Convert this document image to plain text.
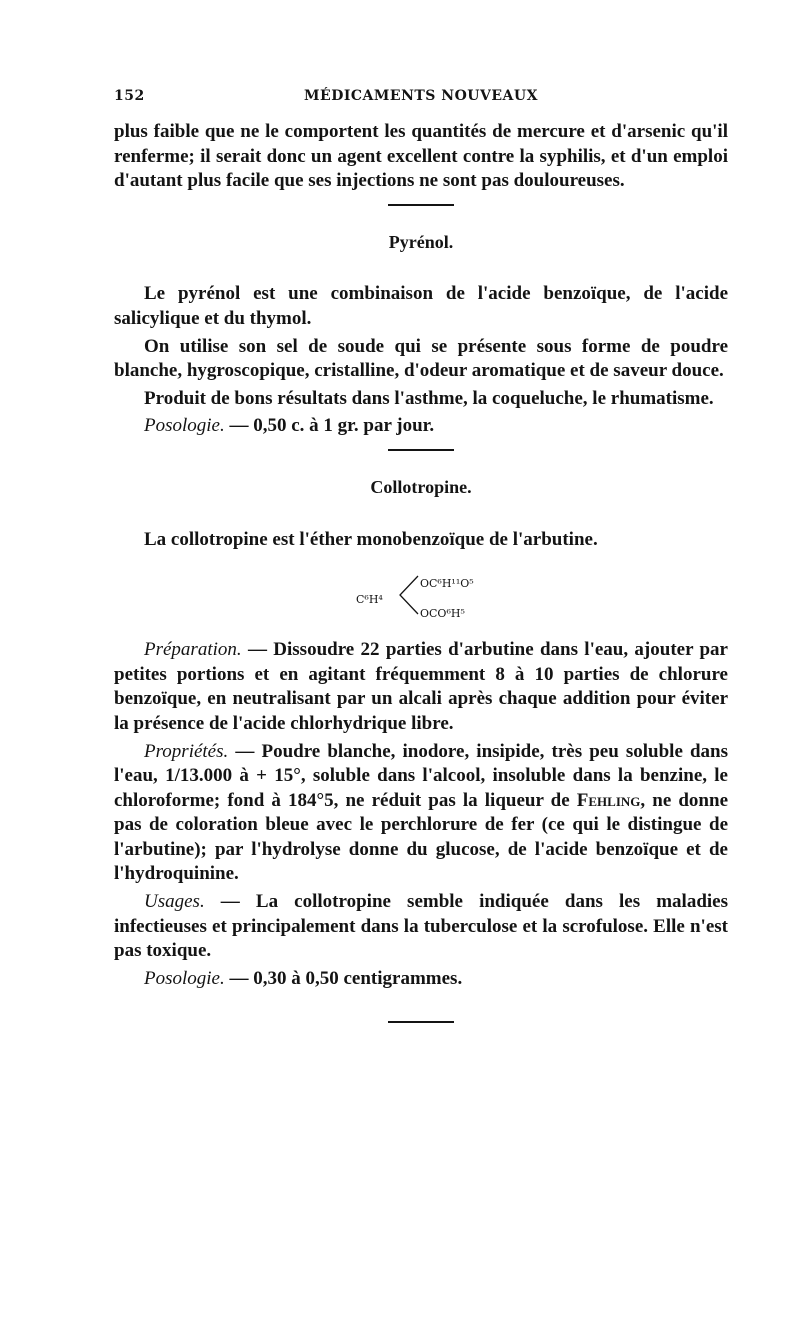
152	MÉDICAMENTS NOUVEAUX

plus faible que ne le comportent les quantités de mercure et d'arsenic qu'il renferme; il serait donc un agent excellent contre la syphilis, et d'un emploi d'autant plus facile que ses injections ne sont pas douloureuses.

Pyrénol.

Le pyrénol est une combinaison de l'acide benzoïque, de l'acide salicylique et du thymol.

On utilise son sel de soude qui se présente sous forme de poudre blanche, hygroscopique, cristalline, d'odeur aromatique et de saveur douce.

Produit de bons résultats dans l'asthme, la coqueluche, le rhumatisme.

Posologie. — 0,50 c. à 1 gr. par jour.

Collotropine.

La collotropine est l'éther monobenzoïque de l'arbutine.

C⁶H⁴
OC⁶H¹¹O⁵
OCO⁶H⁵

Préparation. — Dissoudre 22 parties d'arbutine dans l'eau, ajouter par petites portions et en agitant fréquemment 8 à 10 parties de chlorure benzoïque, en neutralisant par un alcali après chaque addition pour éviter la présence de l'acide chlorhydrique libre.

Propriétés. — Poudre blanche, inodore, insipide, très peu soluble dans l'eau, 1/13.000 à + 15°, soluble dans l'alcool, insoluble dans la benzine, le chloroforme; fond à 184°5, ne réduit pas la liqueur de Fehling, ne donne pas de coloration bleue avec le perchlorure de fer (ce qui le distingue de l'arbutine); par l'hydrolyse donne du glucose, de l'acide benzoïque et de l'hydroquinine.

Usages. — La collotropine semble indiquée dans les maladies infectieuses et principalement dans la tuberculose et la scrofulose. Elle n'est pas toxique.

Posologie. — 0,30 à 0,50 centigrammes.
